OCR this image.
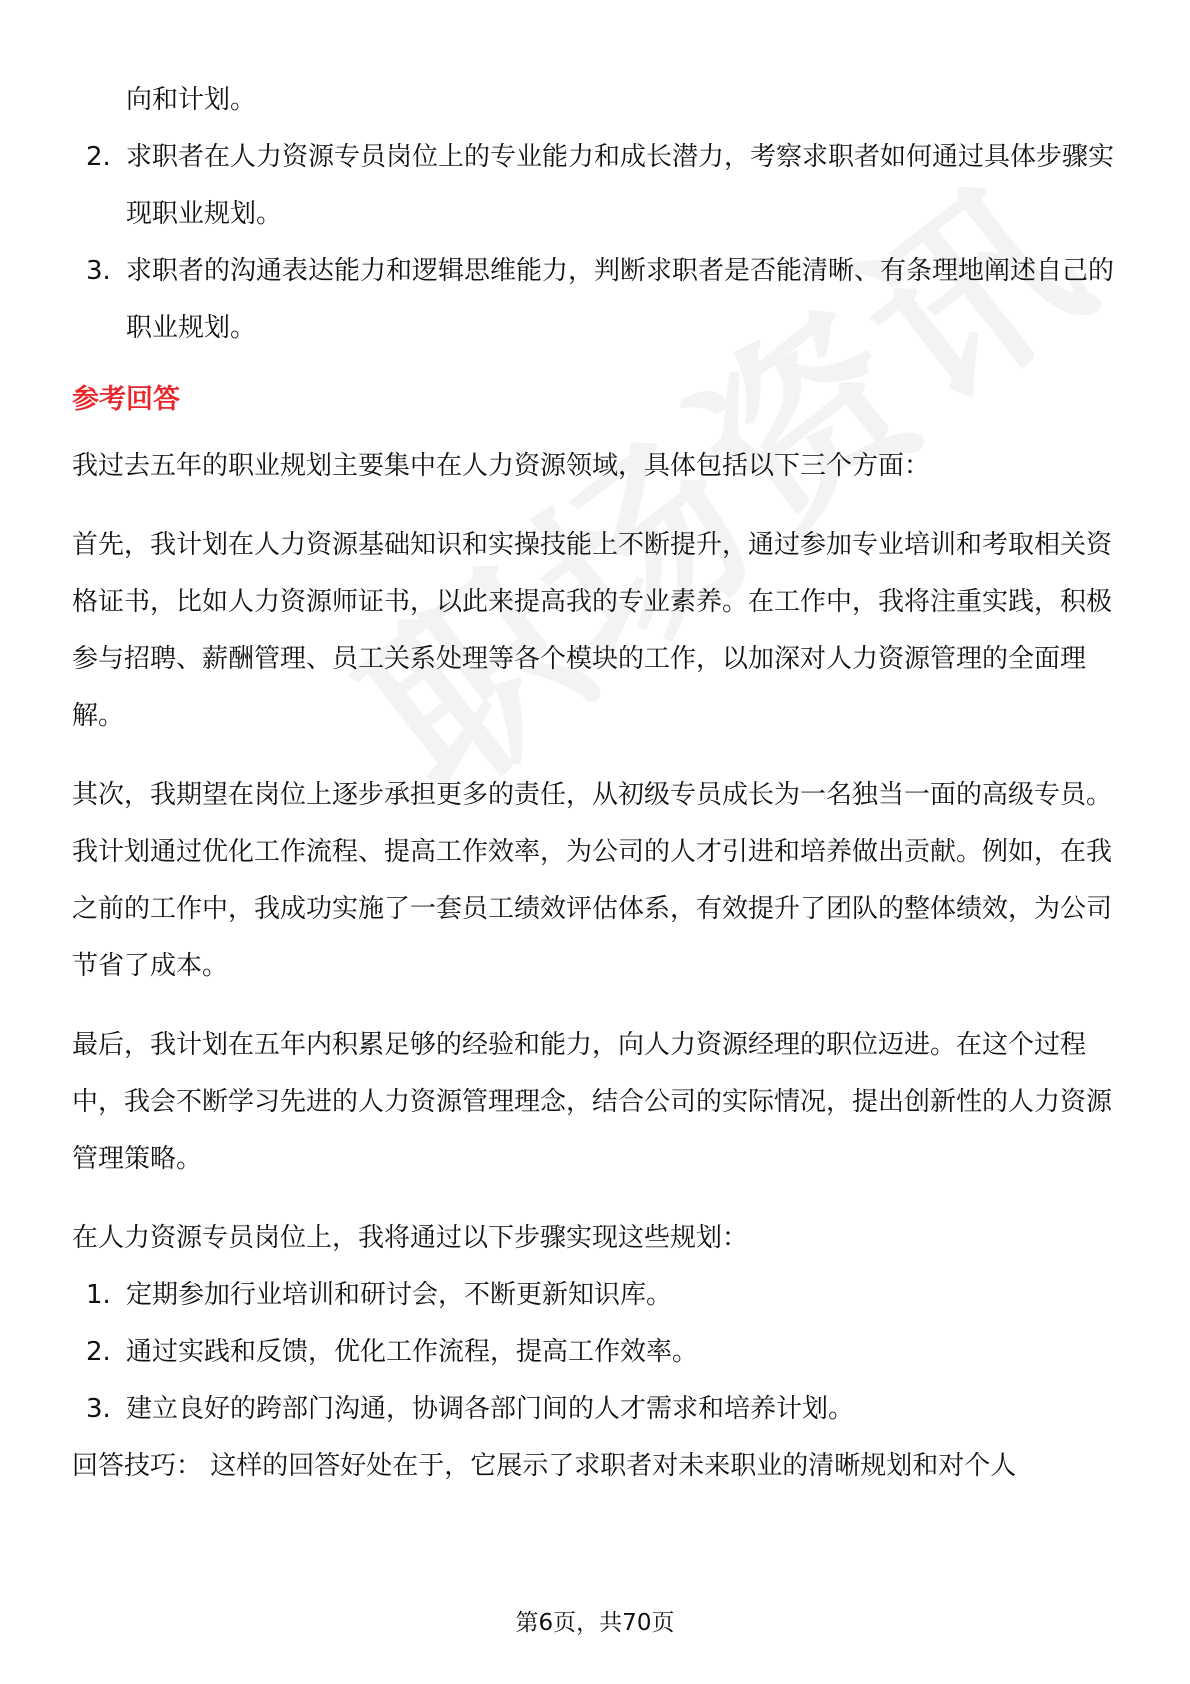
向和计划。

2. 求职者在人力资源专员岗位上的专业能力和成长潜力，考察求职者如何通过具体步骤实现职业规划。
3. 求职者的沟通表达能力和逻辑思维能力，判断求职者是否能清晰、有条理地阐述自己的职业规划。
参考回答

我过去五年的职业规划主要集中在人力资源领域，具体包括以下三个方面：

首先，我计划在人力资源基础知识和实操技能上不断提升，通过参加专业培训和考取相关资格证书，比如人力资源师证书，以此来提高我的专业素养。在工作中，我将注重实践，积极参与招聘、薪酬管理、员工关系处理等各个模块的工作，以加深对人力资源管理的全面理解。

其次，我期望在岗位上逐步承担更多的责任，从初级专员成长为一名独当一面的高级专员。我计划通过优化工作流程、提高工作效率，为公司的人才引进和培养做出贡献。例如，在我之前的工作中，我成功实施了一套员工绩效评估体系，有效提升了团队的整体绩效，为公司节省了成本。

最后，我计划在五年内积累足够的经验和能力，向人力资源经理的职位迈进。在这个过程中，我会不断学习先进的人力资源管理理念，结合公司的实际情况，提出创新性的人力资源管理策略。

在人力资源专员岗位上，我将通过以下步骤实现这些规划：

1. 定期参加行业培训和研讨会，不断更新知识库。
2. 通过实践和反馈，优化工作流程，提高工作效率。
3. 建立良好的跨部门沟通，协调各部门间的人才需求和培养计划。

回答技巧： 这样的回答好处在于，它展示了求职者对未来职业的清晰规划和对个人

第6页，共70页
